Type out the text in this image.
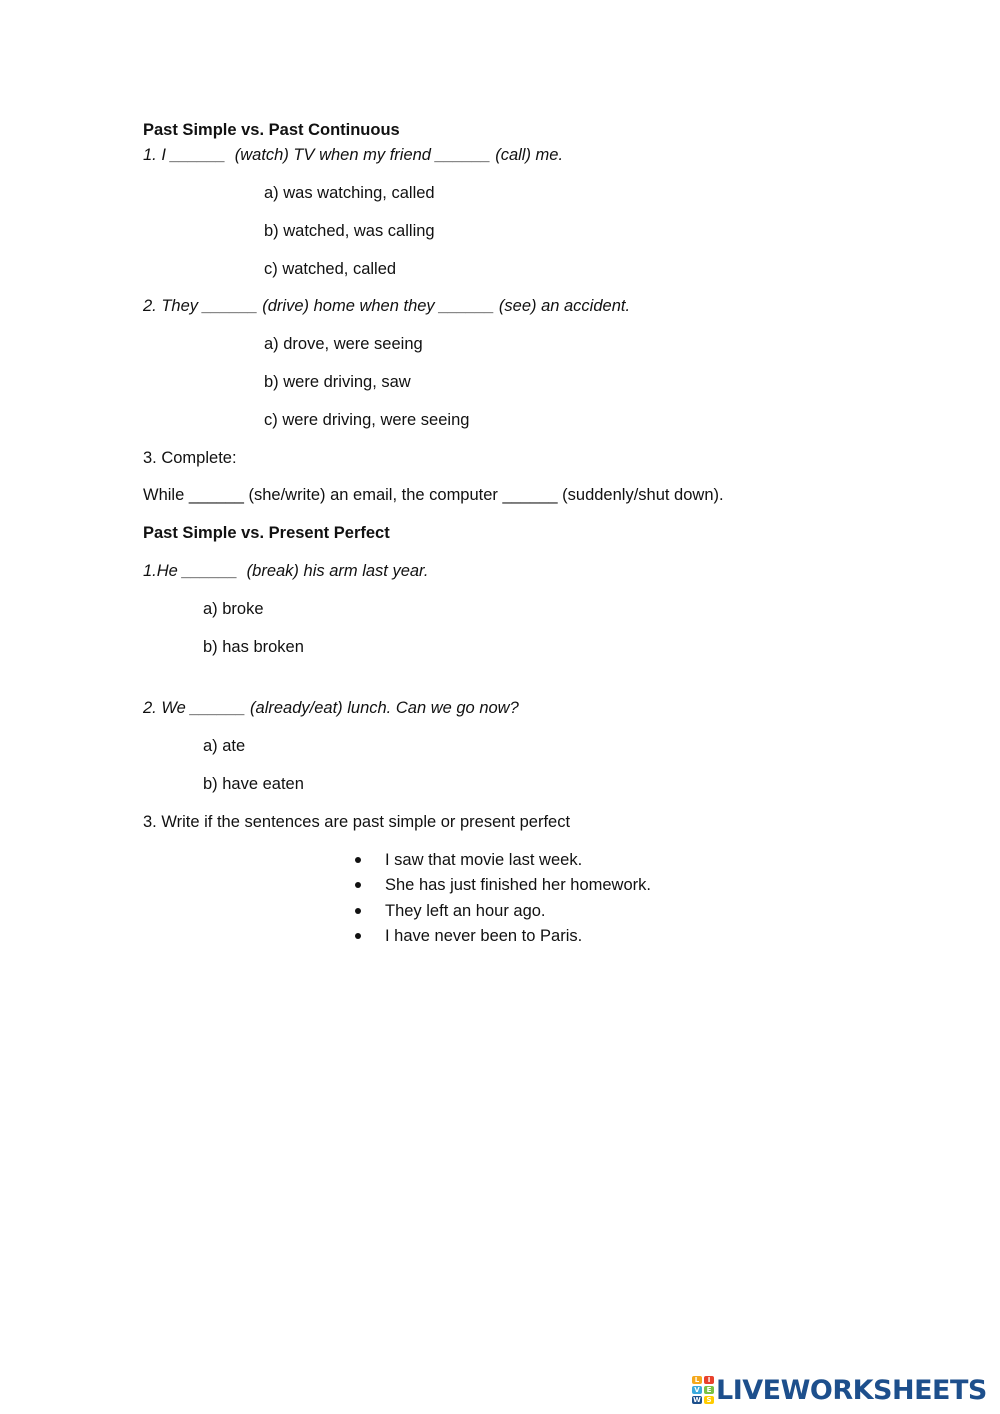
Past Simple vs. Past Continuous
1. I ______  (watch) TV when my friend ______ (call) me.
a) was watching, called
b) watched, was calling
c) watched, called
2. They ______ (drive) home when they ______ (see) an accident.
a) drove, were seeing
b) were driving, saw
c) were driving, were seeing
3. Complete:
While ______ (she/write) an email, the computer ______ (suddenly/shut down).
Past Simple vs. Present Perfect
1.He ______  (break) his arm last year.
a) broke
b) has broken
2. We ______ (already/eat) lunch. Can we go now?
a) ate
b) have eaten
3. Write if the sentences are past simple or present perfect
I saw that movie last week.
She has just finished her homework.
They left an hour ago.
I have never been to Paris.
L	I
V E
W S LIVEWORKSHEETS
